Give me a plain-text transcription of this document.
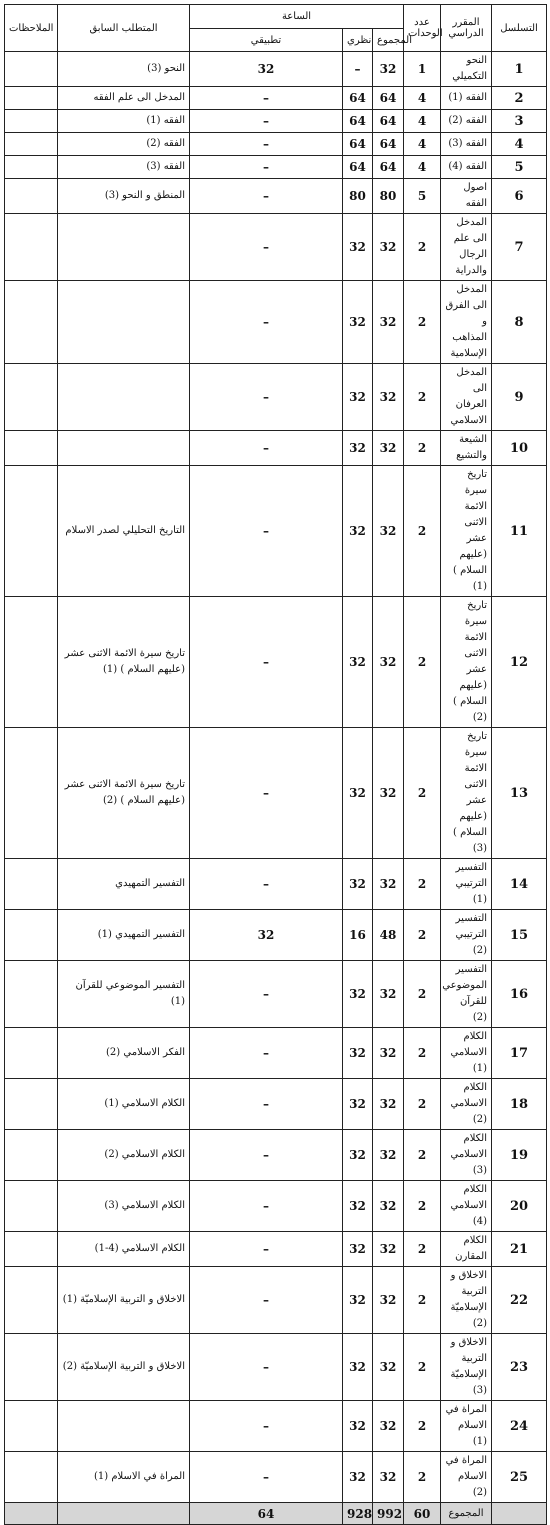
الملاحظات	المتطلب السابق	الساعة			عدد الوحدات	المقرر الدراسي	التسلسل
		تطبيقي	نظري	المجموع			
	النحو (3)	32	–	32	1	النحو التكميلي	1
	المدخل الى علم الفقه	–	64	64	4	الفقه (1)	2
	الفقه (1)	–	64	64	4	الفقه (2)	3
	الفقه (2)	–	64	64	4	الفقه (3)	4
	الفقه (3)	–	64	64	4	الفقه (4)	5
	المنطق و النحو (3)	–	80	80	5	اصول الفقه	6
		–	32	32	2	المدخل الى علم الرجال والدراية	7
		–	32	32	2	المدخل الى الفرق و المذاهب الإسلامية	8
		–	32	32	2	المدخل الى العرفان الاسلامي	9
		–	32	32	2	الشيعة والتشيع	10
	التاريخ التحليلي لصدر الاسلام	–	32	32	2	تاريخ سيرة الائمة الاثنى عشر (عليهم السلام ) (1)	11
	تاريخ سيرة الائمة الاثنى عشر (عليهم السلام ) (1)	–	32	32	2	تاريخ سيرة الائمة الاثنى عشر (عليهم السلام ) (2)	12
	تاريخ سيرة الائمة الاثنى عشر (عليهم السلام ) (2)	–	32	32	2	تاريخ سيرة الائمة الاثنى عشر (عليهم السلام ) (3)	13
	التفسير التمهيدي	–	32	32	2	التفسير الترتيبي (1)	14
	التفسير التمهيدي (1)	32	16	48	2	التفسير الترتيبي (2)	15
	التفسير الموضوعي للقرآن (1)	–	32	32	2	التفسير الموضوعي للقرآن (2)	16
	الفكر الاسلامي (2)	–	32	32	2	الكلام الاسلامي (1)	17
	الكلام الاسلامي (1)	–	32	32	2	الكلام الاسلامي (2)	18
	الكلام الاسلامي (2)	–	32	32	2	الكلام الاسلامي (3)	19
	الكلام الاسلامي (3)	–	32	32	2	الكلام الاسلامي (4)	20
	الكلام الاسلامي (4-1)	–	32	32	2	الكلام المقارن	21
	الاخلاق و التربية الإسلاميّة (1)	–	32	32	2	الاخلاق و التربية الإسلاميّة (2)	22
	الاخلاق و التربية الإسلاميّة (2)	–	32	32	2	الاخلاق و التربية الإسلاميّة (3)	23
		–	32	32	2	المراة في الاسلام (1)	24
	المراة في الاسلام (1)	–	32	32	2	المراة في الاسلام (2)	25
		64	928	992	60	المجموع	
